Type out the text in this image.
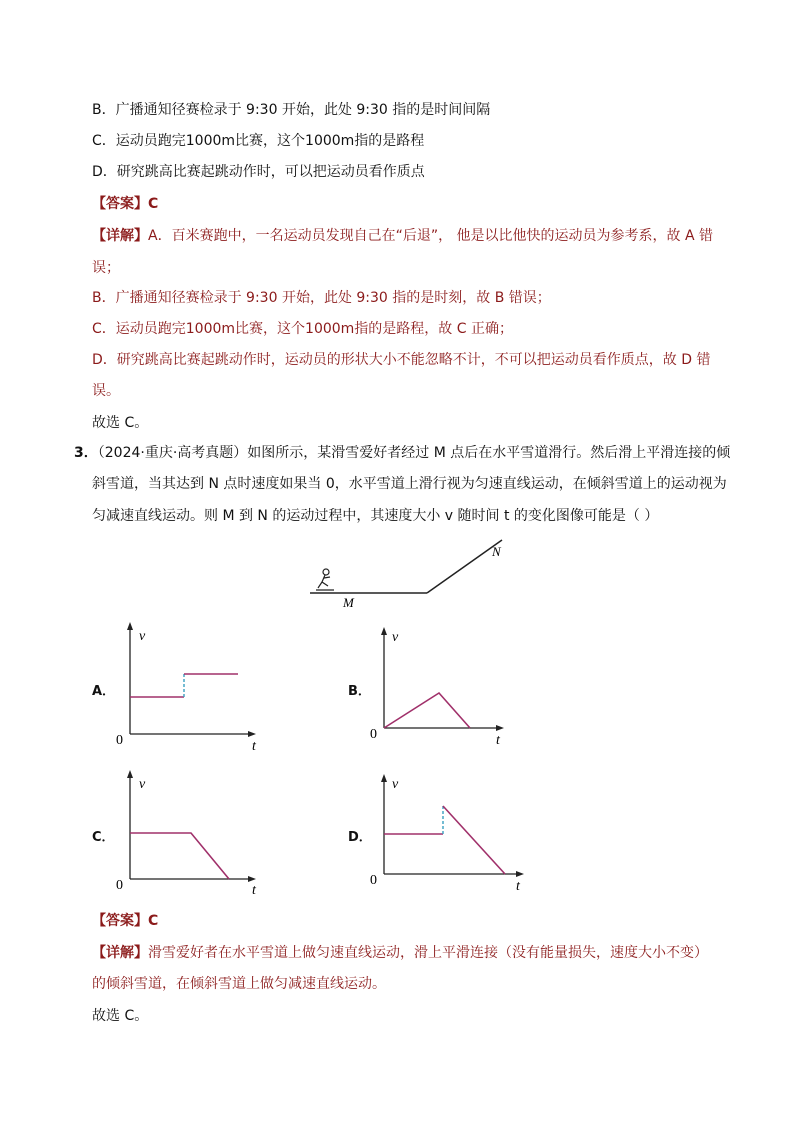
B．广播通知径赛检录于 9:30 开始，此处 9:30 指的是时间间隔
C．运动员跑完1000m比赛，这个1000m指的是路程
D．研究跳高比赛起跳动作时，可以把运动员看作质点
【答案】C
【详解】A．百米赛跑中，一名运动员发现自己在“后退”， 他是以比他快的运动员为参考系，故 A 错
误；
B．广播通知径赛检录于 9:30 开始，此处 9:30 指的是时刻，故 B 错误；
C．运动员跑完1000m比赛，这个1000m指的是路程，故 C 正确；
D．研究跳高比赛起跳动作时，运动员的形状大小不能忽略不计，不可以把运动员看作质点，故 D 错
误。
故选 C。
3．（2024·重庆·高考真题）如图所示，某滑雪爱好者经过 M 点后在水平雪道滑行。然后滑上平滑连接的倾
斜雪道，当其达到 N 点时速度如果当 0，水平雪道上滑行视为匀速直线运动，在倾斜雪道上的运动视为
匀减速直线运动。则 M 到 N 的运动过程中，其速度大小 v 随时间 t 的变化图像可能是（ ）
M
N
v
t
0
v
t
0
v
t
0
v
t
0
A．	B．
C．	D．
【答案】C
【详解】滑雪爱好者在水平雪道上做匀速直线运动，滑上平滑连接（没有能量损失，速度大小不变）
的倾斜雪道，在倾斜雪道上做匀减速直线运动。
故选 C。
